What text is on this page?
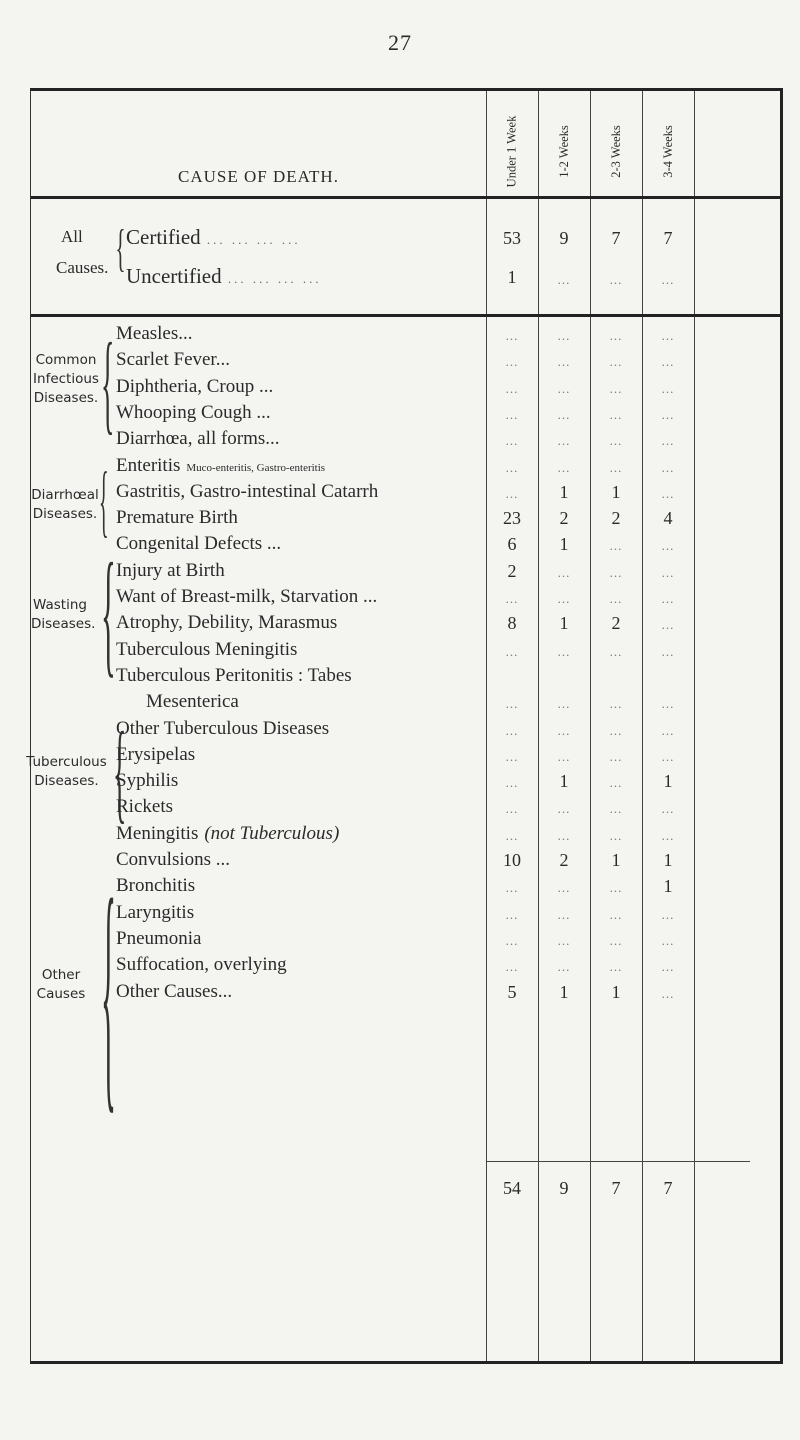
27
CAUSE OF DEATH.	Under 1 Week	1-2 Weeks	2-3 Weeks	3-4 Weeks
All
Causes. { Certified ... ... ... ...	53	9	7	7
Uncertified ... ... ... ...	1	...	...	...
Common Infectious Diseases.
Diarrhœal Diseases.
Wasting Diseases.
Tuberculous Diseases.
Other Causes
{
{
{
{
{
Measles...	...	...	...	...
Scarlet Fever...	...	...	...	...
Diphtheria, Croup ...	...	...	...	...
Whooping Cough ...	...	...	...	...
Diarrhœa, all forms...	...	...	...	...
Enteritis Muco-enteritis, Gastro-enteritis	...	...	...	...
Gastritis, Gastro-intestinal Catarrh	...	1	1	...
Premature Birth	23	2	2	4
Congenital Defects ...	6	1	...	...
Injury at Birth	2	...	...	...
Want of Breast-milk, Starvation ...	...	...	...	...
Atrophy, Debility, Marasmus	8	1	2	...
Tuberculous Meningitis	...	...	...	...
Tuberculous Peritonitis : Tabes
Mesenterica	...	...	...	...
Other Tuberculous Diseases	...	...	...	...
Erysipelas	...	...	...	...
Syphilis	...	1	...	1
Rickets	...	...	...	...
Meningitis (not Tuberculous)	...	...	...	...
Convulsions ...	10	2	1	1
Bronchitis	...	...	...	1
Laryngitis	...	...	...	...
Pneumonia	...	...	...	...
Suffocation, overlying	...	...	...	...
Other Causes...	5	1	1	...
54	9	7	7
